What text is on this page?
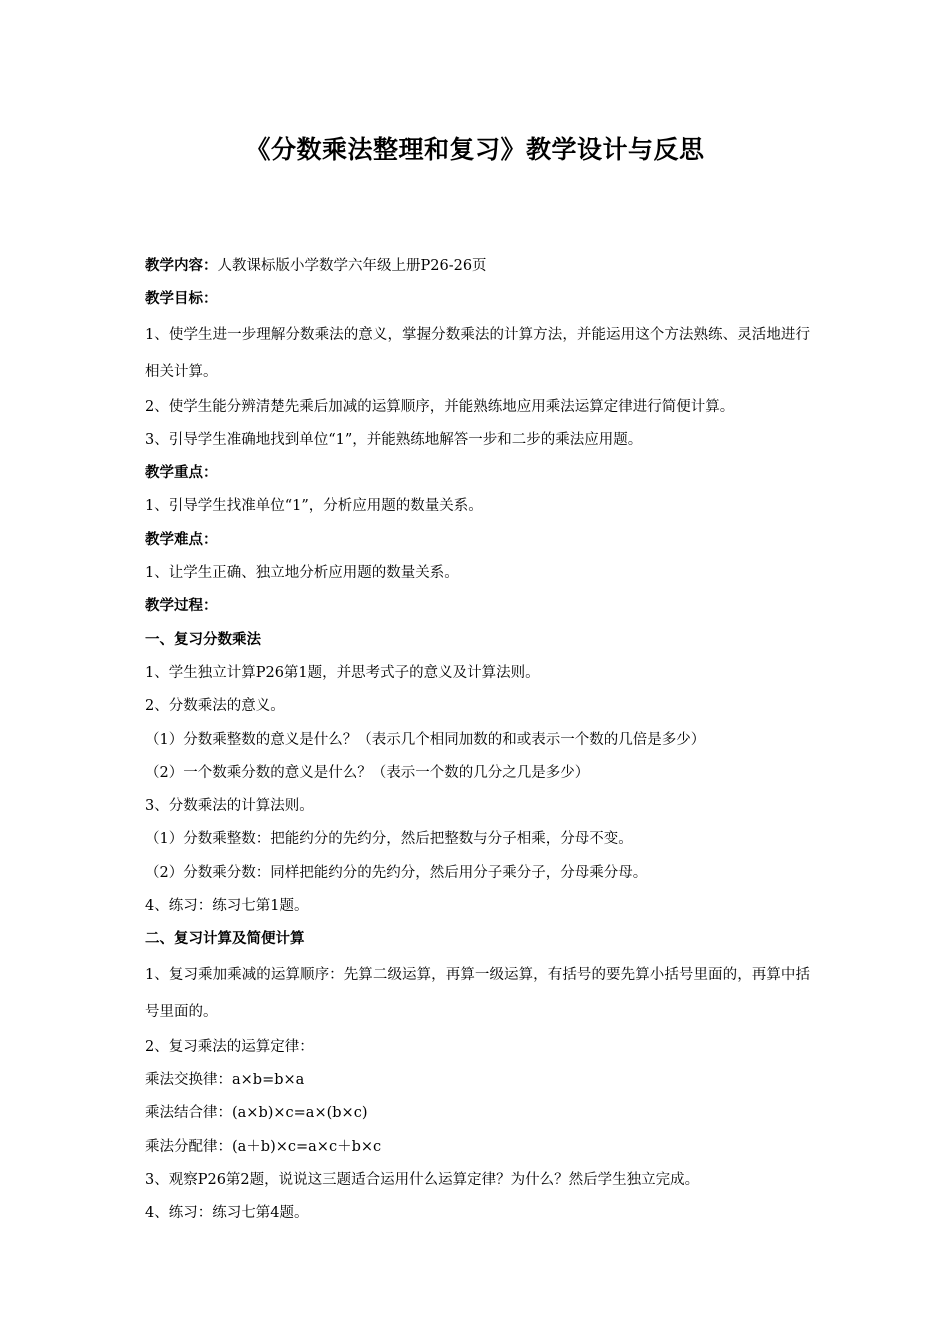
《分数乘法整理和复习》教学设计与反思

教学内容：人教课标版小学数学六年级上册P26-26页

教学目标：

1、使学生进一步理解分数乘法的意义，掌握分数乘法的计算方法，并能运用这个方法熟练、灵活地进行相关计算。

2、使学生能分辨清楚先乘后加减的运算顺序，并能熟练地应用乘法运算定律进行简便计算。

3、引导学生准确地找到单位“1”，并能熟练地解答一步和二步的乘法应用题。

教学重点：

1、引导学生找准单位“1”，分析应用题的数量关系。

教学难点：

1、让学生正确、独立地分析应用题的数量关系。

教学过程：

一、复习分数乘法

1、学生独立计算P26第1题，并思考式子的意义及计算法则。

2、分数乘法的意义。

（1）分数乘整数的意义是什么？（表示几个相同加数的和或表示一个数的几倍是多少）

（2）一个数乘分数的意义是什么？（表示一个数的几分之几是多少）

3、分数乘法的计算法则。

（1）分数乘整数：把能约分的先约分，然后把整数与分子相乘，分母不变。

（2）分数乘分数：同样把能约分的先约分，然后用分子乘分子，分母乘分母。

4、练习：练习七第1题。

二、复习计算及简便计算

1、复习乘加乘减的运算顺序：先算二级运算，再算一级运算，有括号的要先算小括号里面的，再算中括号里面的。

2、复习乘法的运算定律：

乘法交换律：a×b=b×a

乘法结合律：(a×b)×c=a×(b×c)

乘法分配律：(a＋b)×c=a×c＋b×c

3、观察P26第2题，说说这三题适合运用什么运算定律？为什么？然后学生独立完成。

4、练习：练习七第4题。
